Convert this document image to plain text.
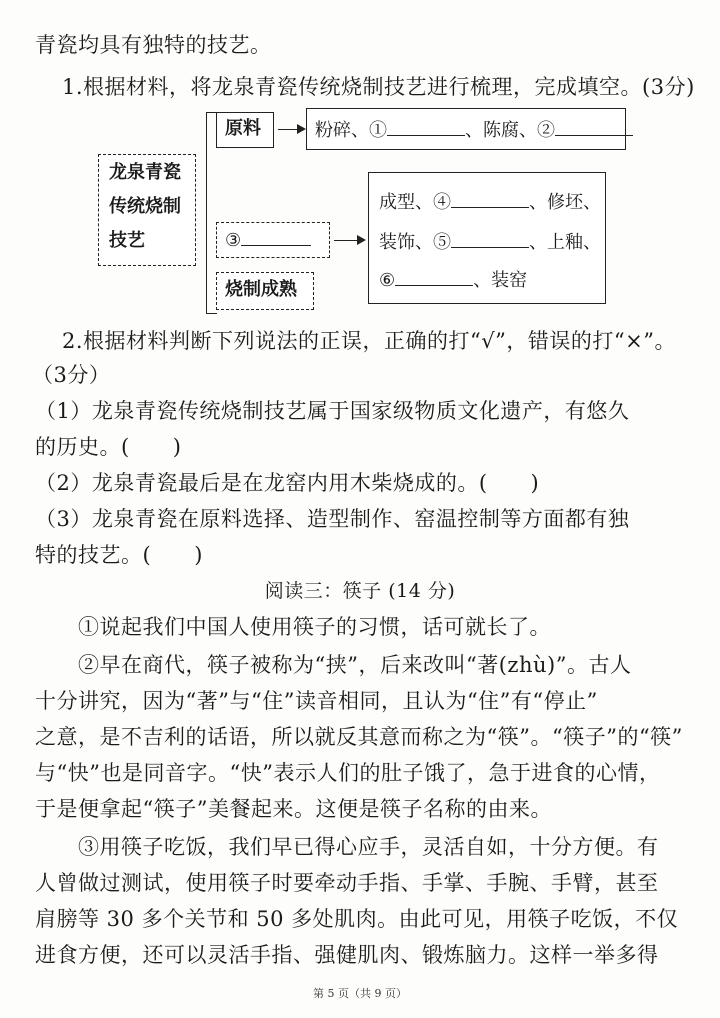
青瓷均具有独特的技艺。
1.根据材料，将龙泉青瓷传统烧制技艺进行梳理，完成填空。(3分)
龙泉青瓷
传统烧制
技艺
原料	粉碎、①	、陈腐、②
③
成型、④	、修坯、
装饰、⑤	、上釉、
⑥	、装窑
烧制成熟
2.根据材料判断下列说法的正误，正确的打“√”，错误的打“×”。
（3分）
（1）龙泉青瓷传统烧制技艺属于国家级物质文化遗产，有悠久
的历史。(　　)
（2）龙泉青瓷最后是在龙窑内用木柴烧成的。(　　)
（3）龙泉青瓷在原料选择、造型制作、窑温控制等方面都有独
特的技艺。(　　)
阅读三：筷子 (14 分)
①说起我们中国人使用筷子的习惯，话可就长了。
②早在商代，筷子被称为“挟”，后来改叫“著(zhù)”。古人
十分讲究，因为“著”与“住”读音相同，且认为“住”有“停止”
之意，是不吉利的话语，所以就反其意而称之为“筷”。“筷子”的“筷”
与“快”也是同音字。“快”表示人们的肚子饿了，急于进食的心情，
于是便拿起“筷子”美餐起来。这便是筷子名称的由来。
③用筷子吃饭，我们早已得心应手，灵活自如，十分方便。有
人曾做过测试，使用筷子时要牵动手指、手掌、手腕、手臂，甚至
肩膀等 30 多个关节和 50 多处肌肉。由此可见，用筷子吃饭，不仅
进食方便，还可以灵活手指、强健肌肉、锻炼脑力。这样一举多得
第 5 页（共 9 页）
